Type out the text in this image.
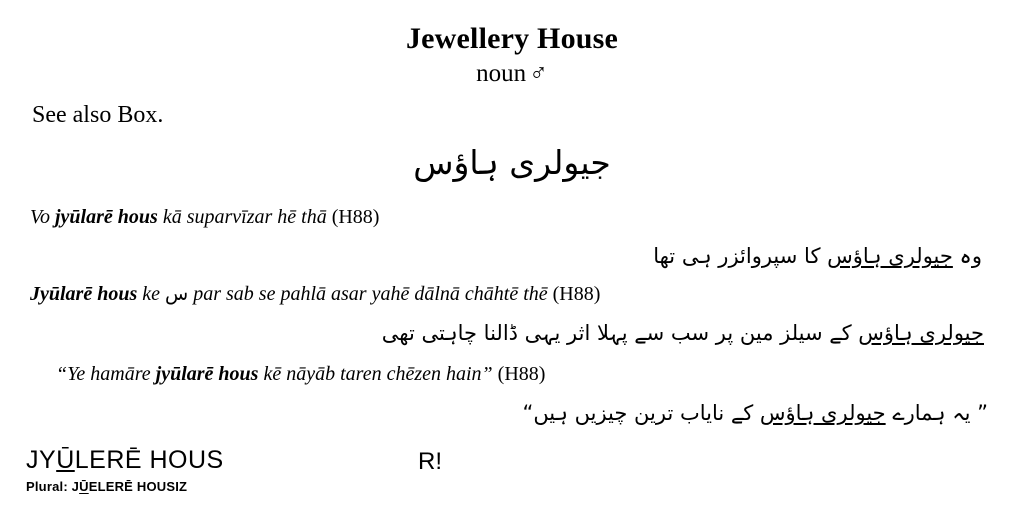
Jewellery House
noun ♂
See also Box.
جیولری ہاؤس
Vo jyūlarē hous kā suparvīzar hē thā (H88)
وہ جیولری ہاؤس کا سپروائزر ہی تھا
Jyūlarē hous ke س par sab se pahlā asar yahē dālnā chāhtē thē (H88)
جیولری ہاؤس کے سیلز مین پر سب سے پہلا اثر یہی ڈالنا چاہتی تھی
“Ye hamāre jyūlarē hous kē nāyāb taren chēzen hain” (H88)
” یہ ہمارے جیولری ہاؤس کے نایاب ترین چیزیں ہیں“
JYŪLERĒ HOUS
Plural: JŪELERĒ HOUSIZ
R!
